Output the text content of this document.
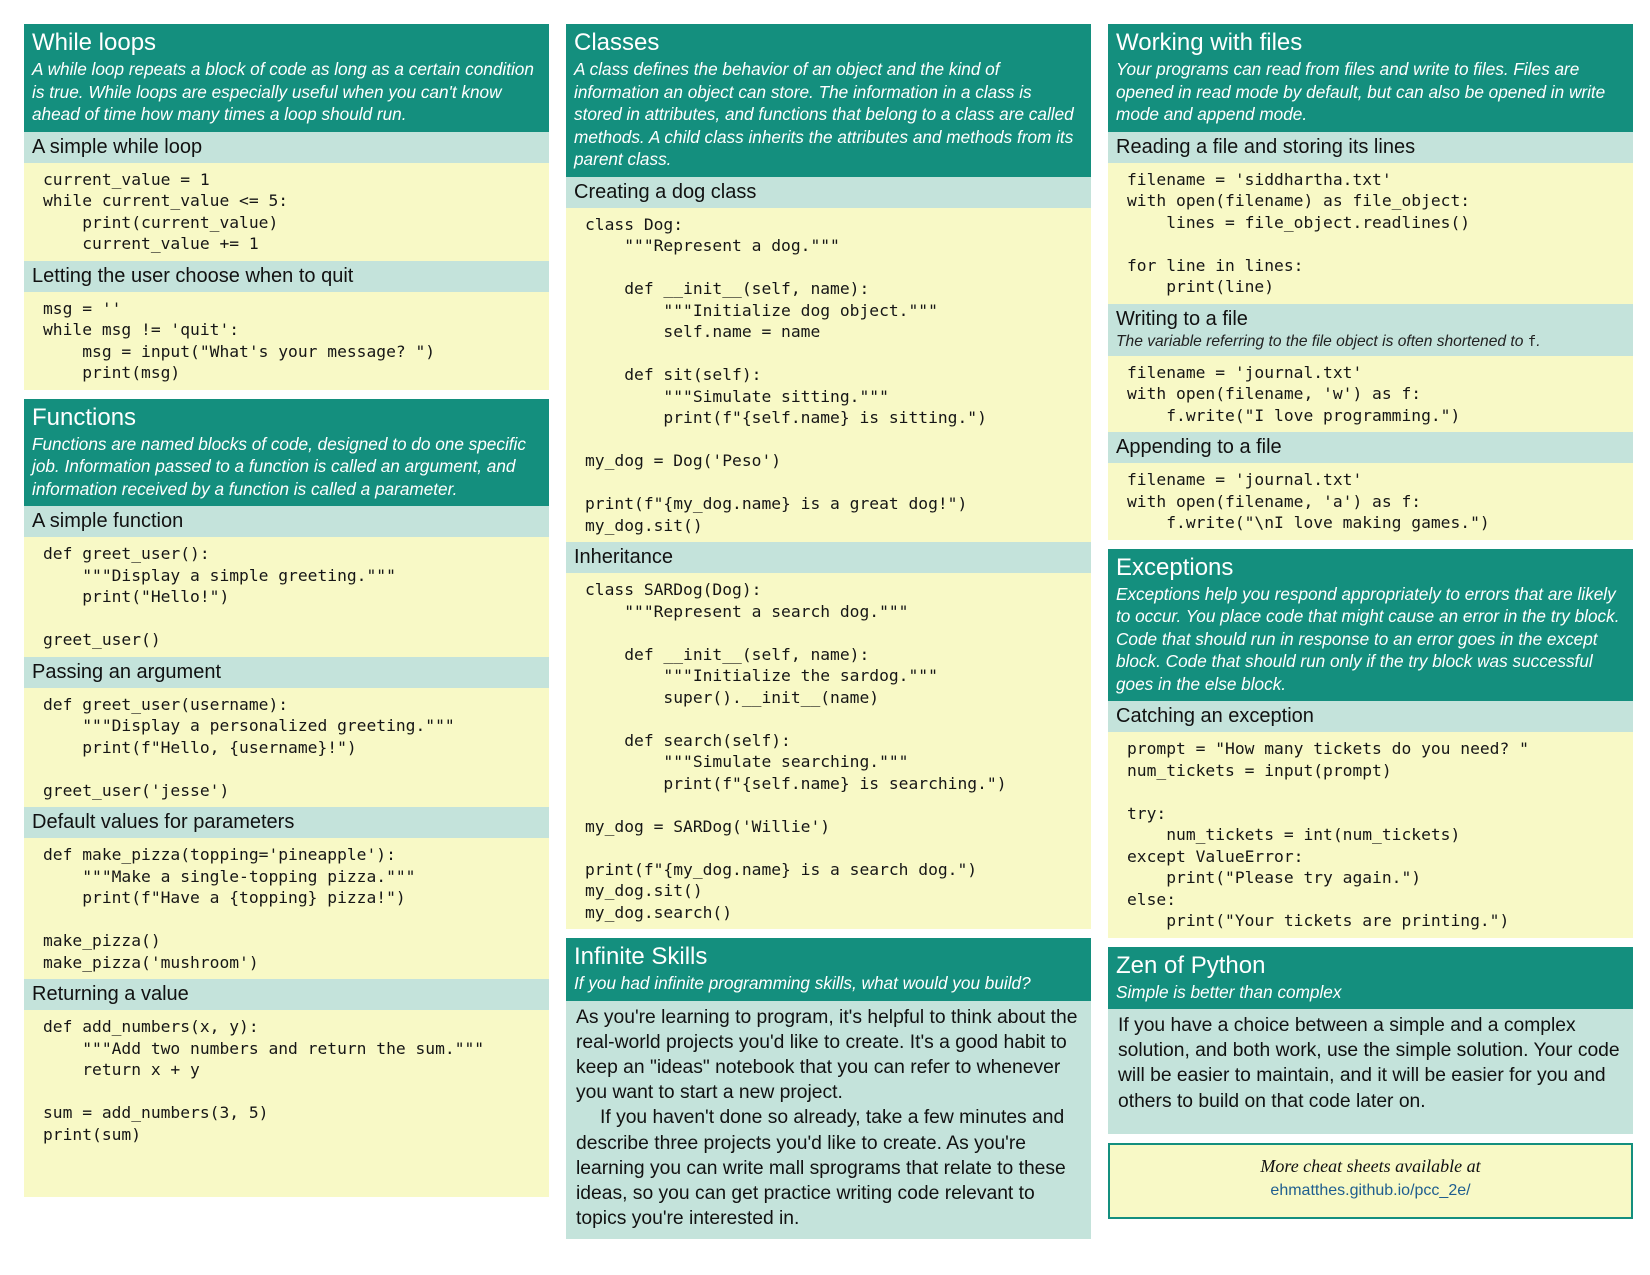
While loops
A while loop repeats a block of code as long as a certain condition is true. While loops are especially useful when you can't know ahead of time how many times a loop should run.
A simple while loop
current_value = 1
while current_value <= 5:
print(current_value)
current_value += 1
Letting the user choose when to quit
msg = ''
while msg != 'quit':
msg = input("What's your message? ")
print(msg)
Functions
Functions are named blocks of code, designed to do one specific job. Information passed to a function is called an argument, and information received by a function is called a parameter.
A simple function
def greet_user():
"""Display a simple greeting."""
print("Hello!")

greet_user()
Passing an argument
def greet_user(username):
"""Display a personalized greeting."""
print(f"Hello, {username}!")

greet_user('jesse')
Default values for parameters
def make_pizza(topping='pineapple'):
"""Make a single-topping pizza."""
print(f"Have a {topping} pizza!")

make_pizza()
make_pizza('mushroom')
Returning a value
def add_numbers(x, y):
"""Add two numbers and return the sum."""
return x + y

sum = add_numbers(3, 5)
print(sum)
Classes
A class defines the behavior of an object and the kind of information an object can store. The information in a class is stored in attributes, and functions that belong to a class are called methods. A child class inherits the attributes and methods from its parent class.
Creating a dog class
class Dog:
"""Represent a dog."""

def __init__(self, name):
"""Initialize dog object."""
self.name = name

def sit(self):
"""Simulate sitting."""
print(f"{self.name} is sitting.")

my_dog = Dog('Peso')

print(f"{my_dog.name} is a great dog!")
my_dog.sit()
Inheritance
class SARDog(Dog):
"""Represent a search dog."""

def __init__(self, name):
"""Initialize the sardog."""
super().__init__(name)

def search(self):
"""Simulate searching."""
print(f"{self.name} is searching.")

my_dog = SARDog('Willie')

print(f"{my_dog.name} is a search dog.")
my_dog.sit()
my_dog.search()
Infinite Skills
If you had infinite programming skills, what would you build?

As you're learning to program, it's helpful to think about the real-world projects you'd like to create. It's a good habit to keep an "ideas" notebook that you can refer to whenever you want to start a new project.

If you haven't done so already, take a few minutes and describe three projects you'd like to create. As you're learning you can write mall sprograms that relate to these ideas, so you can get practice writing code relevant to topics you're interested in.

Working with files
Your programs can read from files and write to files. Files are opened in read mode by default, but can also be opened in write mode and append mode.
Reading a file and storing its lines
filename = 'siddhartha.txt'
with open(filename) as file_object:
lines = file_object.readlines()

for line in lines:
print(line)
Writing to a file
The variable referring to the file object is often shortened to f.
filename = 'journal.txt'
with open(filename, 'w') as f:
f.write("I love programming.")
Appending to a file
filename = 'journal.txt'
with open(filename, 'a') as f:
f.write("\nI love making games.")
Exceptions
Exceptions help you respond appropriately to errors that are likely to occur. You place code that might cause an error in the try block. Code that should run in response to an error goes in the except block. Code that should run only if the try block was successful goes in the else block.
Catching an exception
prompt = "How many tickets do you need? "
num_tickets = input(prompt)

try:
num_tickets = int(num_tickets)
except ValueError:
print("Please try again.")
else:
print("Your tickets are printing.")
Zen of Python
Simple is better than complex

If you have a choice between a simple and a complex solution, and both work, use the simple solution. Your code will be easier to maintain, and it will be easier for you and others to build on that code later on.

More cheat sheets available at
ehmatthes.github.io/pcc_2e/
